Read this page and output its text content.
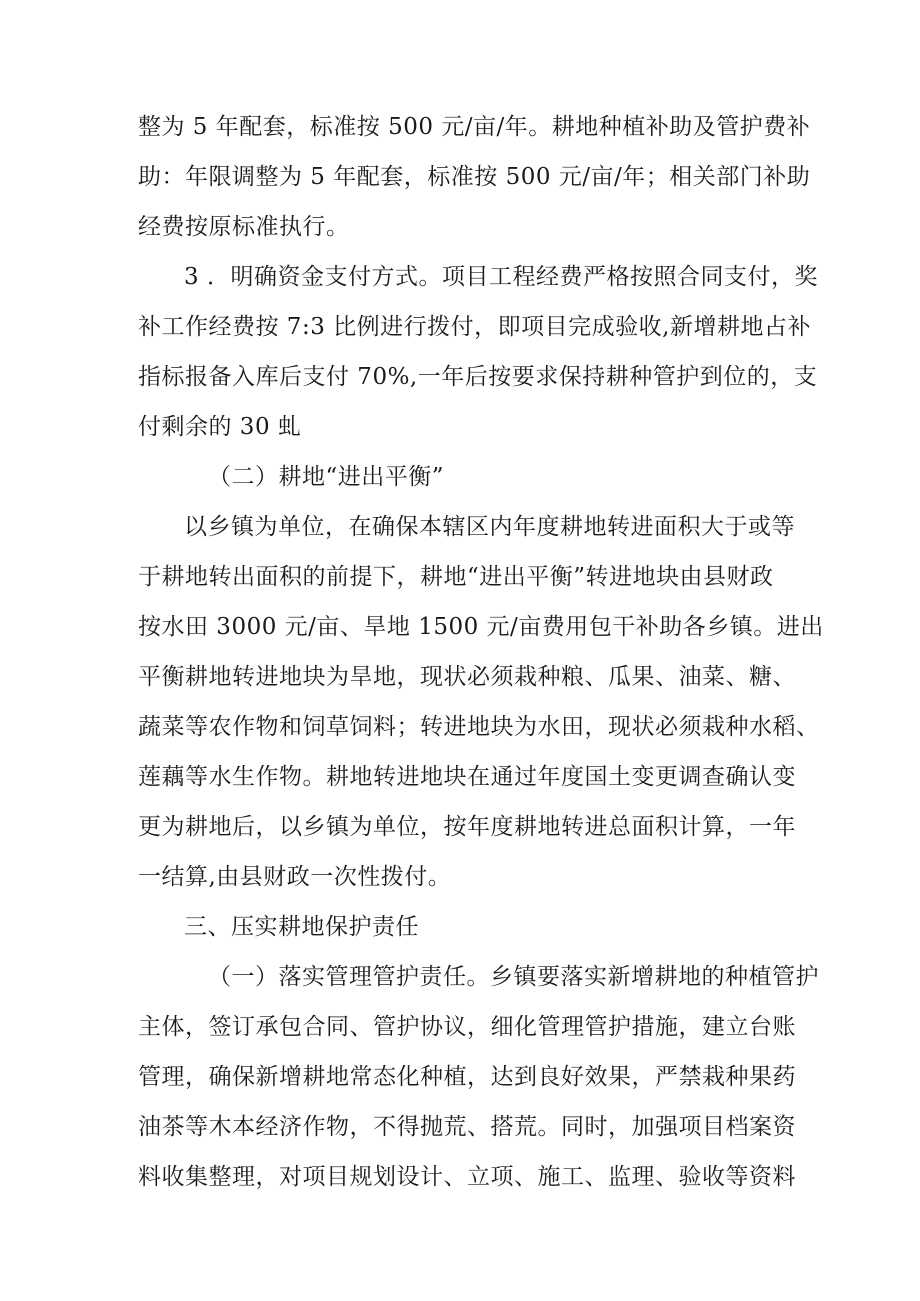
整为 5 年配套，标准按 500 元/亩/年。耕地种植补助及管护费补
助：年限调整为 5 年配套，标准按 500 元/亩/年；相关部门补助
经费按原标准执行。
3 ．明确资金支付方式。项目工程经费严格按照合同支付，奖
补工作经费按 7:3 比例进行拨付，即项目完成验收,新增耕地占补
指标报备入库后支付 70%,一年后按要求保持耕种管护到位的，支
付剩余的 30 虬
（二）耕地“进出平衡”
以乡镇为单位，在确保本辖区内年度耕地转进面积大于或等
于耕地转出面积的前提下，耕地“进出平衡”转进地块由县财政
按水田 3000 元/亩、旱地 1500 元/亩费用包干补助各乡镇。进出
平衡耕地转进地块为旱地，现状必须栽种粮、瓜果、油菜、糖、
蔬菜等农作物和饲草饲料；转进地块为水田，现状必须栽种水稻、
莲藕等水生作物。耕地转进地块在通过年度国土变更调查确认变
更为耕地后，以乡镇为单位，按年度耕地转进总面积计算，一年
一结算,由县财政一次性拨付。
三、压实耕地保护责任
（一）落实管理管护责任。乡镇要落实新增耕地的种植管护
主体，签订承包合同、管护协议，细化管理管护措施，建立台账
管理，确保新增耕地常态化种植，达到良好效果，严禁栽种果药
油茶等木本经济作物，不得抛荒、搭荒。同时，加强项目档案资
料收集整理，对项目规划设计、立项、施工、监理、验收等资料
